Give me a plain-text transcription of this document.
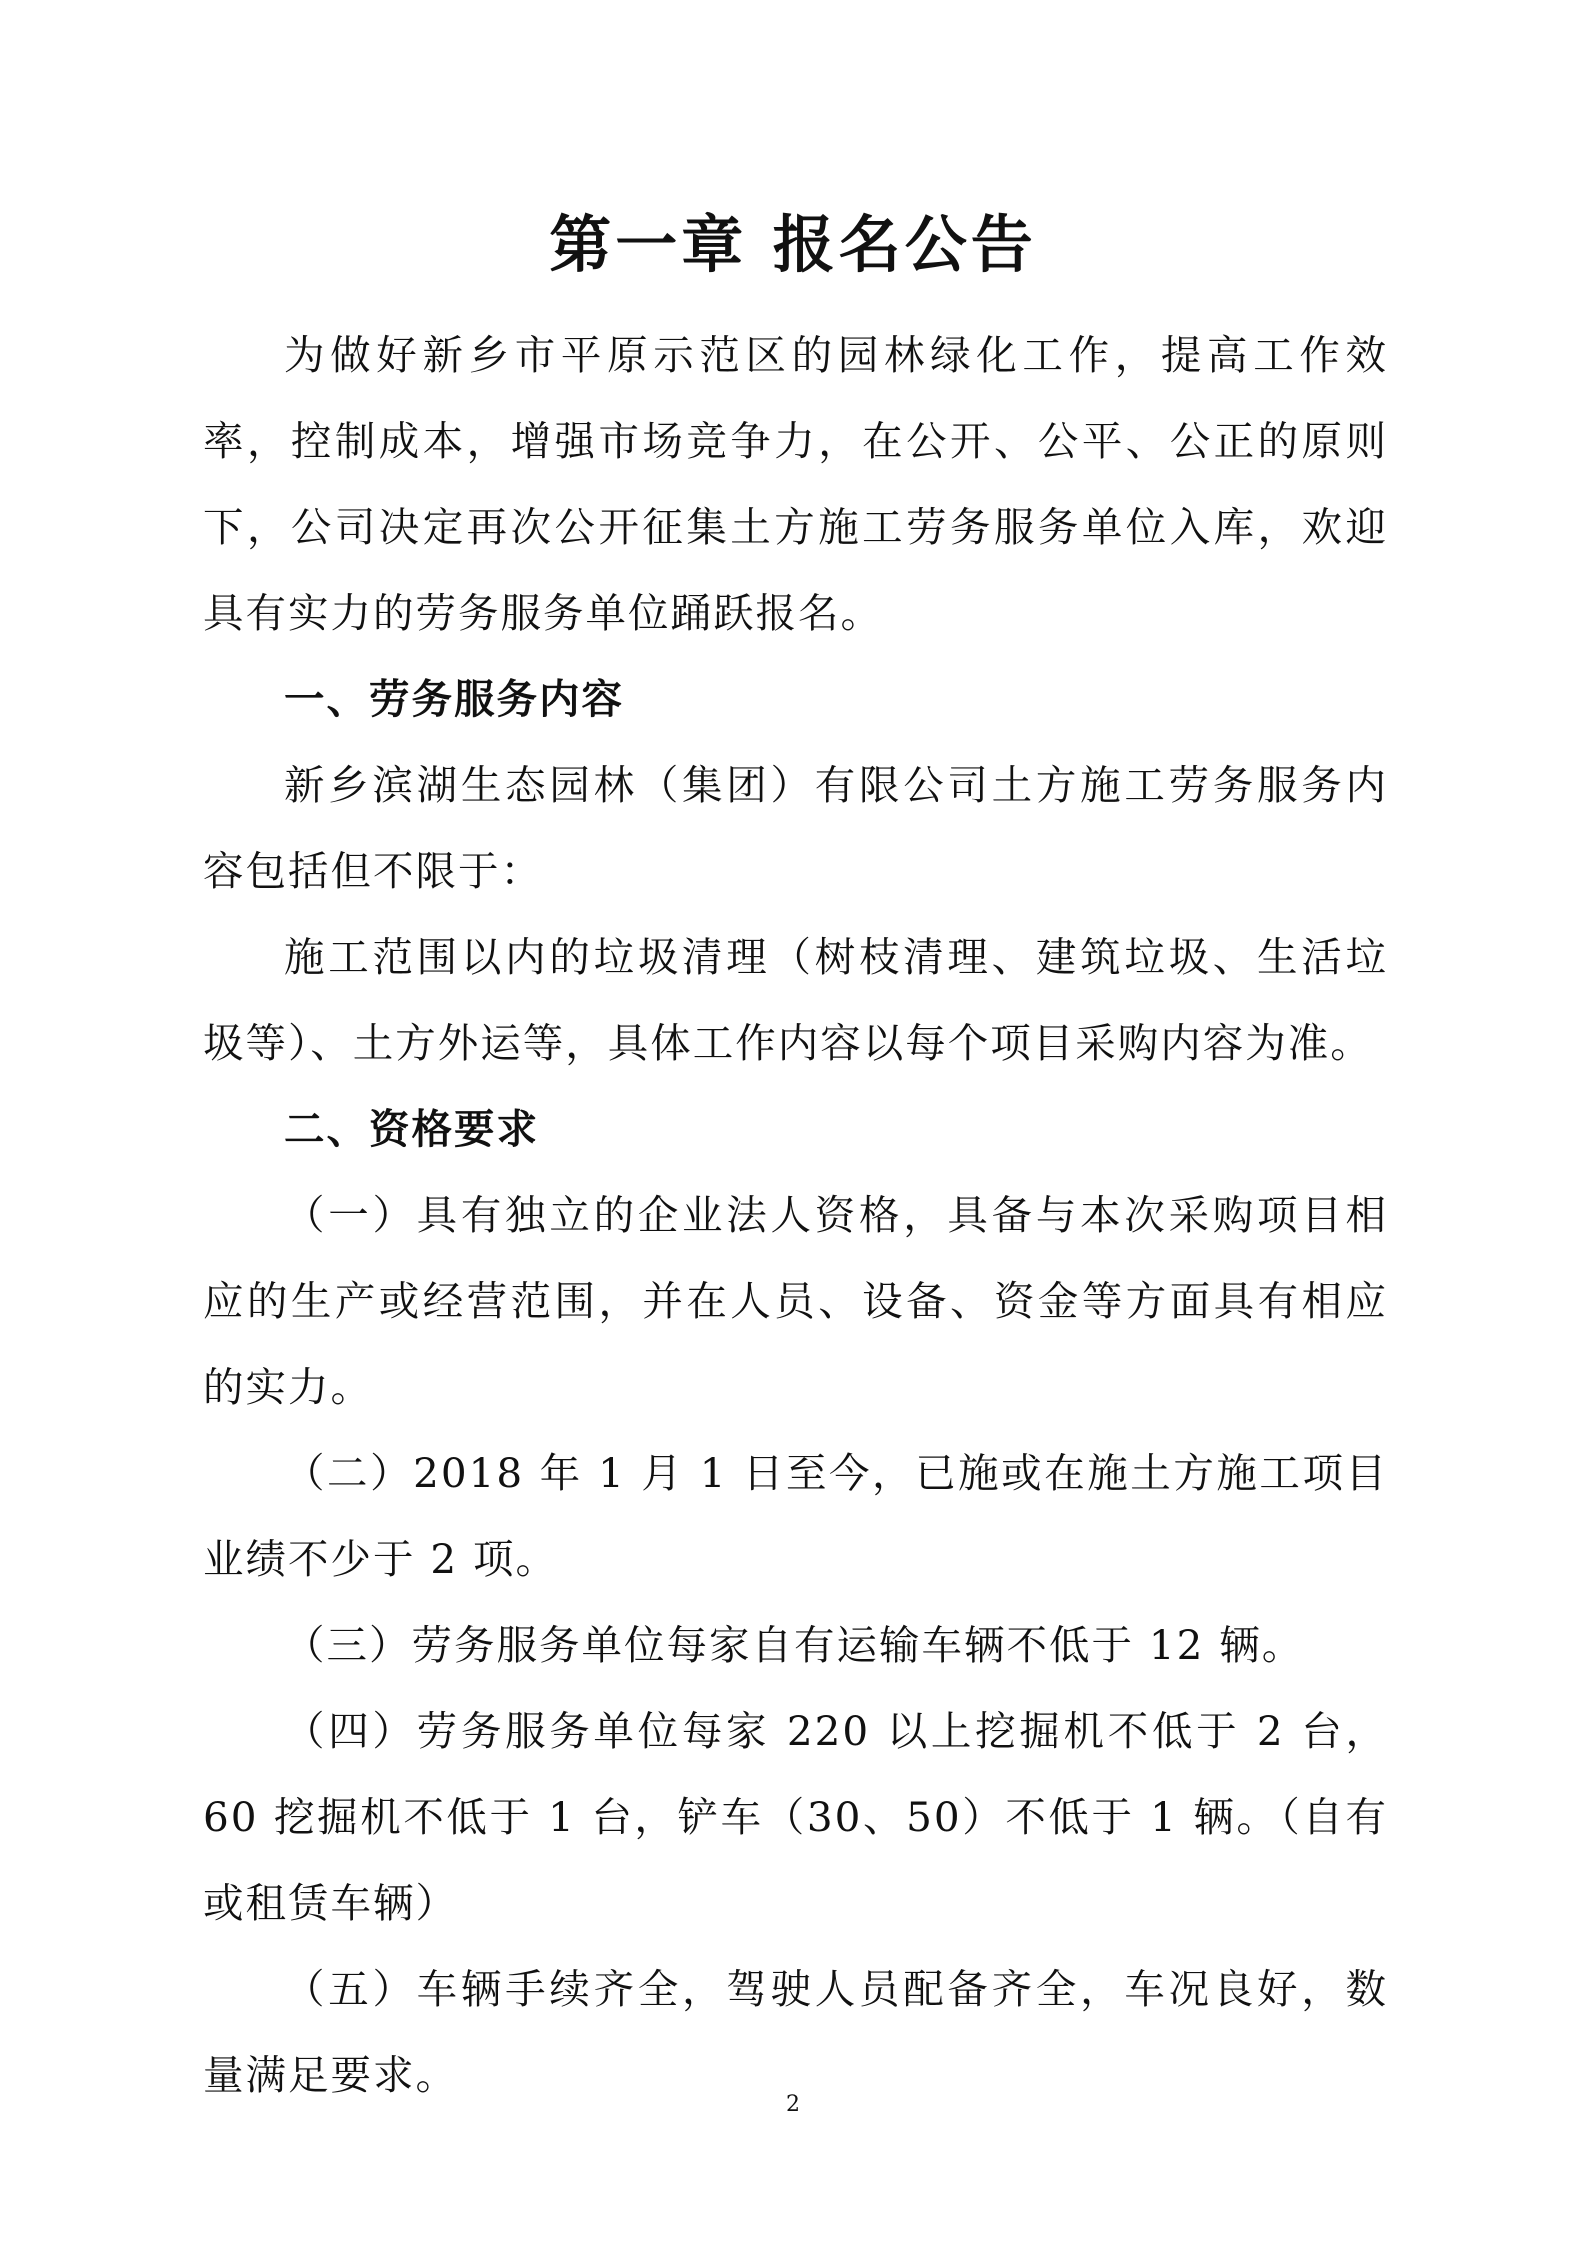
第一章 报名公告

为做好新乡市平原示范区的园林绿化工作，提高工作效率，控制成本，增强市场竞争力，在公开、公平、公正的原则下，公司决定再次公开征集土方施工劳务服务单位入库，欢迎具有实力的劳务服务单位踊跃报名。

一、劳务服务内容

新乡滨湖生态园林（集团）有限公司土方施工劳务服务内容包括但不限于：

施工范围以内的垃圾清理（树枝清理、建筑垃圾、生活垃圾等）、土方外运等，具体工作内容以每个项目采购内容为准。

二、资格要求

（一）具有独立的企业法人资格，具备与本次采购项目相应的生产或经营范围，并在人员、设备、资金等方面具有相应的实力。

（二）2018 年 1 月 1 日至今，已施或在施土方施工项目业绩不少于 2 项。

（三）劳务服务单位每家自有运输车辆不低于 12 辆。

（四）劳务服务单位每家 220 以上挖掘机不低于 2 台，60 挖掘机不低于 1 台，铲车（30、50）不低于 1 辆。（自有或租赁车辆）

（五）车辆手续齐全，驾驶人员配备齐全，车况良好，数量满足要求。

2
